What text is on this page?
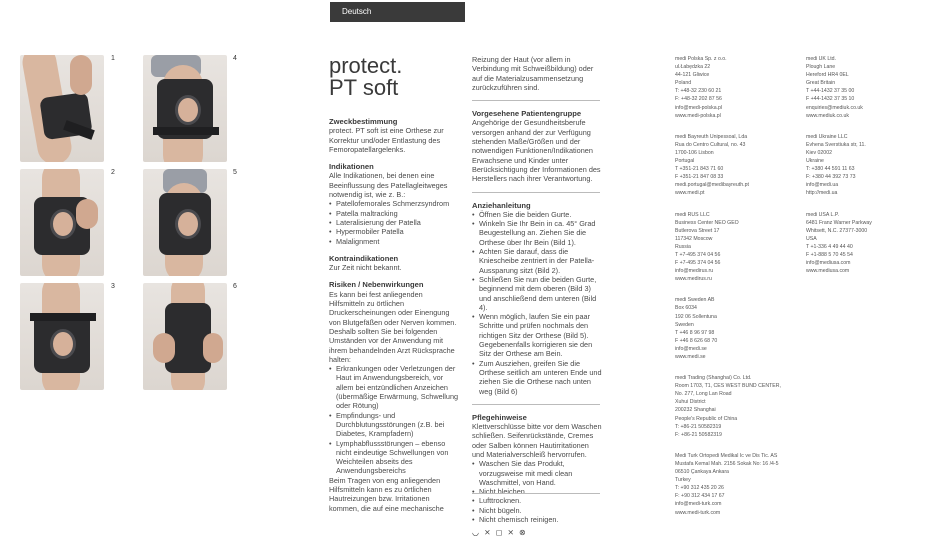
Deutsch
1
2
3
4
5
6
protect.
PT soft
Zweckbestimmung

protect. PT soft ist eine Orthese zur Korrektur und/oder Entlastung des Femoropatellargelenks.

Indikationen

Alle Indikationen, bei denen eine Beeinflussung des Patellagleitweges notwendig ist, wie z. B.:

• Patellofemorales Schmerzsyndrom
• Patella maltracking
• Lateralisierung der Patella
• Hypermobiler Patella
• Malalignment
Kontraindikationen

Zur Zeit nicht bekannt.

Risiken / Nebenwirkungen

Es kann bei fest anliegenden Hilfsmitteln zu örtlichen Druckerscheinungen oder Einengung von Blutgefäßen oder Nerven kommen. Deshalb sollten Sie bei folgenden Umständen vor der Anwendung mit ihrem behandelnden Arzt Rücksprache halten:

• Erkrankungen oder Verletzungen der Haut im Anwendungsbereich, vor allem bei entzündlichen Anzeichen (übermäßige Erwärmung, Schwellung oder Rötung)
• Empfindungs- und Durchblutungsstörungen (z.B. bei Diabetes, Krampfadern)
• Lymphabflussstörungen – ebenso nicht eindeutige Schwellungen von Weichteilen abseits des Anwendungsbereichs

Beim Tragen von eng anliegenden Hilfsmitteln kann es zu örtlichen Hautreizungen bzw. Irritationen kommen, die auf eine mechanische

Reizung der Haut (vor allem in Verbindung mit Schweißbildung) oder auf die Materialzusammensetzung zurückzuführen sind.

Vorgesehene Patientengruppe

Angehörige der Gesundheitsberufe versorgen anhand der zur Verfügung stehenden Maße/Größen und der notwendigen Funktionen/Indikationen Erwachsene und Kinder unter Berücksichtigung der Informationen des Herstellers nach ihrer Verantwortung.

Anziehanleitung
• Öffnen Sie die beiden Gurte.
• Winkeln Sie Ihr Bein in ca. 45° Grad Beugestellung an. Ziehen Sie die Orthese über Ihr Bein (Bild 1).
• Achten Sie darauf, dass die Kniescheibe zentriert in der Patella-Aussparung sitzt (Bild 2).
• Schließen Sie nun die beiden Gurte, beginnend mit dem oberen (Bild 3) und anschließend dem unteren (Bild 4).
• Wenn möglich, laufen Sie ein paar Schritte und prüfen nochmals den richtigen Sitz der Orthese (Bild 5). Gegebenenfalls korrigieren sie den Sitz der Orthese am Bein.
• Zum Ausziehen, greifen Sie die Orthese seitlich am unteren Ende und ziehen Sie die Orthese nach unten weg (Bild 6)
Pflegehinweise

Klettverschlüsse bitte vor dem Waschen schließen. Seifenrückstände, Cremes oder Salben können Hautirritationen und Materialverschleiß hervorrufen.

• Waschen Sie das Produkt, vorzugsweise mit medi clean Waschmittel, von Hand.
• Nicht bleichen.
• Lufttrocknen.
• Nicht bügeln.
• Nicht chemisch reinigen.
◡ ⨯ ◻ ⨯ ⊗
medi Polska Sp. z o.o.
ul.Łabędzka 22
44-121 Gliwice
Poland
T: +48-32 230 60 21
F: +48-32 202 87 56
info@medi-polska.pl
www.medi-polska.pl
medi Bayreuth Unipessoal, Lda
Rua do Centro Cultural, no. 43
1700-106 Lisbon
Portugal
T +351-21 843 71 60
F +351-21 847 08 33
medi.portugal@medibayreuth.pt
www.medi.pt
medi RUS LLC
Business Center NEO GEO
Butlerova Street 17
117342 Moscow
Russia
T +7-495 374 04 56
F +7-495 374 04 56
info@medirus.ru
www.medirus.ru
medi Sweden AB
Box 6034
192 06 Sollentuna
Sweden
T +46 8 96 97 98
F +46 8 626 68 70
info@medi.se
www.medi.se
medi Trading (Shanghai) Co. Ltd.
Room 1703, T1, CES WEST BUND CENTER,
No. 277, Long Lan Road
Xuhui District
200232 Shanghai
People's Republic of China
T: +86-21 50582319
F: +86-21 50582319
Medi Turk Ortopedi Medikal Ic ve Dis Tic. AS
Mustafa Kemal Mah. 2156 Sokak No: 16 /4-5
06510 Çankaya Ankara
Turkey
T: +90 312 435 20 26
F: +90 312 434 17 67
info@medi-turk.com
www.medi-turk.com
medi UK Ltd.
Plough Lane
Hereford HR4 0EL
Great Britain
T +44-1432 37 35 00
F +44-1432 37 35 10
enquiries@mediuk.co.uk
www.mediuk.co.uk
medi Ukraine LLC
Evhena Sverstiuka str, 11.
Kiev 02002
Ukraine
T: +380 44 591 11 63
F: +380 44 392 73 73
info@medi.ua
http://medi.ua
medi USA L.P.
6481 Franz Warner Parkway
Whitsett, N.C. 27377-3000
USA
T +1-336 4 49 44 40
F +1-888 5 70 45 54
info@mediusa.com
www.mediusa.com
